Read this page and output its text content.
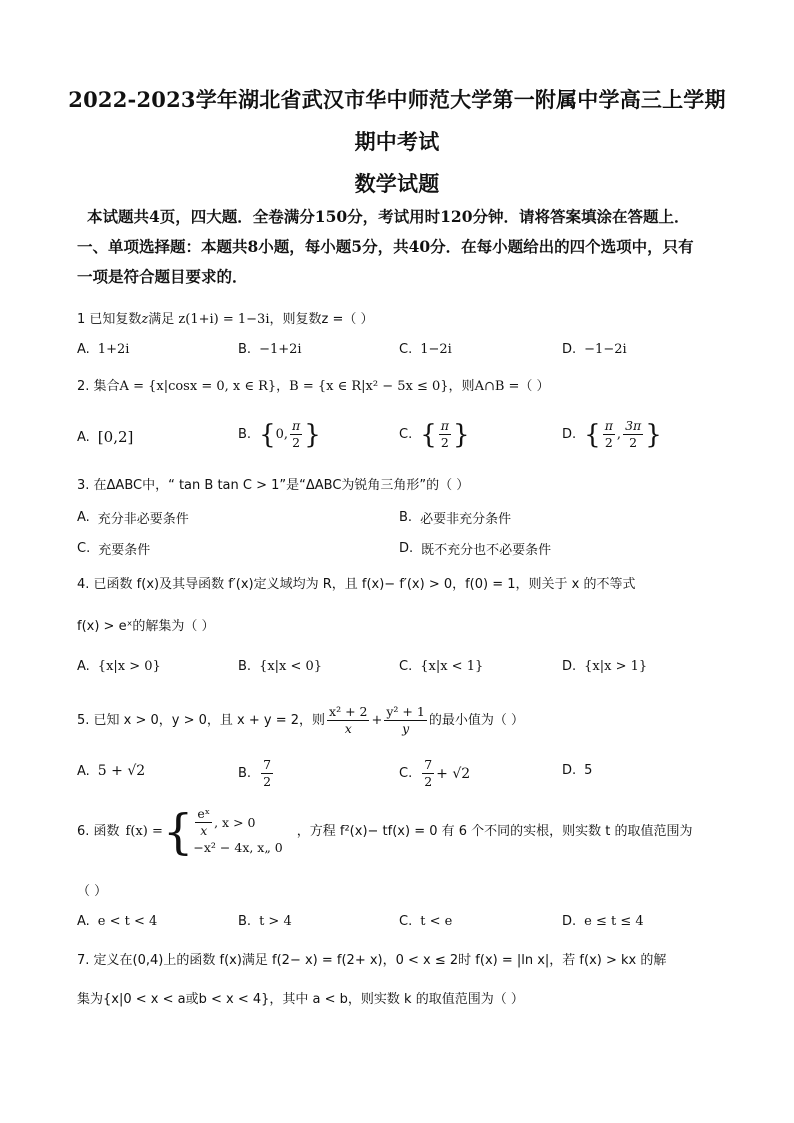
2022-2023学年湖北省武汉市华中师范大学第一附属中学高三上学期
期中考试
数学试题
本试题共4页，四大题．全卷满分150分，考试用时120分钟．请将答案填涂在答题上．
一、单项选择题：本题共8小题，每小题5分，共40分．在每小题给出的四个选项中，只有
一项是符合题目要求的．
1 已知复数z满足 z(1+i) = 1−3i，则复数z =（ ）
A. 1+2i	B. −1+2i	C. 1−2i	D. −1−2i
2. 集合A = {x|cosx = 0, x ∈ R}，B = {x ∈ R|x² − 5x ≤ 0}，则A∩B =（ ）
A. [0,2]	B. { 0, $\frac{\pi}{2}$ }	C. { $\frac{\pi}{2}$ }	D. { $\frac{\pi}{2}$ , $\frac{3\pi}{2}$ }
3. 在ΔABC中，“ tan B tan C > 1”是“ΔABC为锐角三角形”的（ ）
A. 充分非必要条件	B. 必要非充分条件
C. 充要条件	D. 既不充分也不必要条件
4. 已函数 f(x)及其导函数 f′(x)定义域均为 R，且 f(x)− f′(x) > 0，f(0) = 1，则关于 x 的不等式
f(x) > eˣ的解集为（ ）
A. {x|x > 0}	B. {x|x < 0}	C. {x|x < 1}	D. {x|x > 1}
5. 已知 x > 0，y > 0，且 x + y = 2，则 $\frac{\text{x² + 2}}{x} + \frac{\text{y² + 1}}{y}$ 的最小值为（ ）
A. 5 + √2	B. $\frac{7}{2}$	C. $\frac{7}{2} + √2$	D. 5
6. 函数 f(x) = { $\frac{\text{eˣ}}{x}$ , x > 0
−x² − 4x, x„ 0
，方程 f²(x)− tf(x) = 0 有 6 个不同的实根，则实数 t 的取值范围为
（ ）
A. e < t < 4	B. t > 4	C. t < e	D. e ≤ t ≤ 4
7. 定义在(0,4)上的函数 f(x)满足 f(2− x) = f(2+ x)，0 < x ≤ 2时 f(x) = |ln x|，若 f(x) > kx 的解
集为{x|0 < x < a或b < x < 4}，其中 a < b，则实数 k 的取值范围为（ ）
